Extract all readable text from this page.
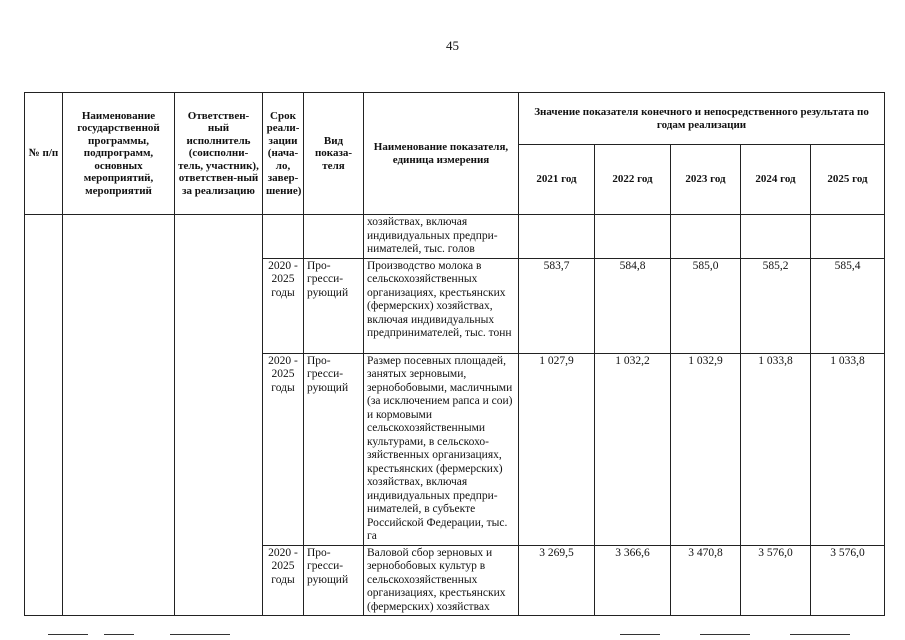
45
№ п/п	Наименование государственной программы, подпрограмм, основных мероприятий, мероприятий	Ответствен-ный исполнитель (соисполни-тель, участник), ответствен-ный за реализацию	Срок реали-зации (нача-ло, завер-шение)	Вид показа-теля	Наименование показателя, единица измерения	Значение показателя конечного и непосредственного результата по годам реализации				
						2021 год	2022 год	2023 год	2024 год	2025 год
					хозяйствах, включая индивидуальных предпри-нимателей, тыс. голов					
			2020 - 2025 годы	Про-гресси-рующий	Производство молока в сельскохозяйственных организациях, крестьянских (фермерских) хозяйствах, включая индивидуальных предпринимателей, тыс. тонн	583,7	584,8	585,0	585,2	585,4
			2020 - 2025 годы	Про-гресси-рующий	Размер посевных площадей, занятых зерновыми, зернобобовыми, масличными (за исключением рапса и сои) и кормовыми сельскохозяйственными культурами, в сельскохо-зяйственных организациях, крестьянских (фермерских) хозяйствах, включая индивидуальных предпри-нимателей, в субъекте Российской Федерации, тыс. га	1 027,9	1 032,2	1 032,9	1 033,8	1 033,8
			2020 - 2025 годы	Про-гресси-рующий	Валовой сбор зерновых и зернобобовых культур в сельскохозяйственных организациях, крестьянских (фермерских) хозяйствах	3 269,5	3 366,6	3 470,8	3 576,0	3 576,0
